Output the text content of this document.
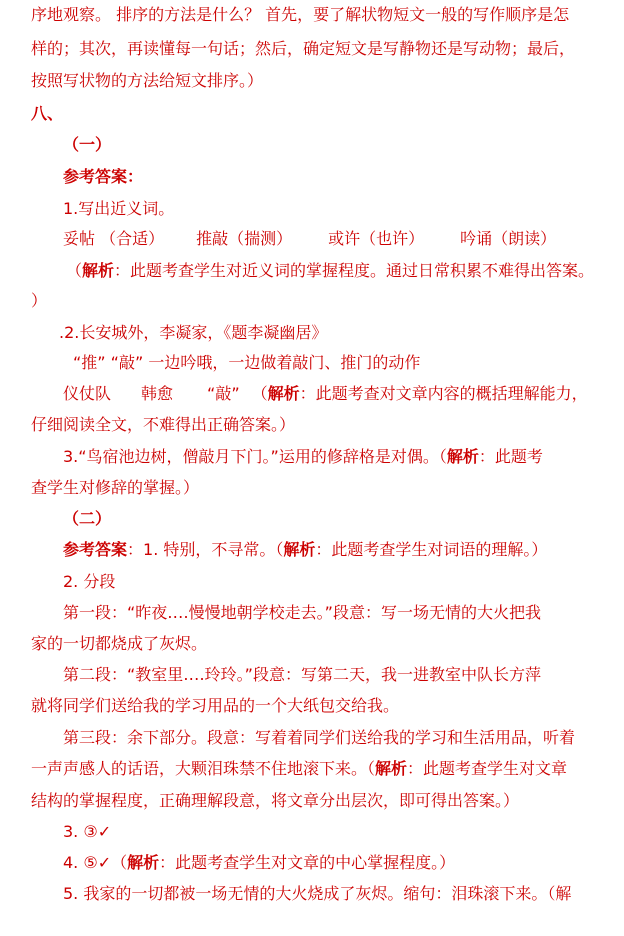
序地观察。 排序的方法是什么？ 首先，要了解状物短文一般的写作顺序是怎
样的；其次，再读懂每一句话；然后，确定短文是写静物还是写动物；最后，
按照写状物的方法给短文排序。）
八、
（一）
参考答案：
1.写出近义词。
妥帖 （合适） 推敲（揣测） 或许（也许） 吟诵（朗读）
（解析：此题考查学生对近义词的掌握程度。通过日常积累不难得出答案。
）
.2.长安城外，李凝家，《题李凝幽居》
“推” “敲” 一边吟哦，一边做着敲门、推门的动作
仪仗队 韩愈 “敲” （解析：此题考查对文章内容的概括理解能力，
仔细阅读全文，不难得出正确答案。）
3.“鸟宿池边树，僧敲月下门。”运用的修辞格是对偶。（解析：此题考
查学生对修辞的掌握。）
（二）
参考答案：1. 特别，不寻常。（解析：此题考查学生对词语的理解。）
2. 分段
第一段：“昨夜‥‥慢慢地朝学校走去。”段意：写一场无情的大火把我
家的一切都烧成了灰烬。
第二段：“教室里‥‥玲玲。”段意：写第二天，我一进教室中队长方萍
就将同学们送给我的学习用品的一个大纸包交给我。
第三段：余下部分。段意：写着着同学们送给我的学习和生活用品，听着
一声声感人的话语，大颗泪珠禁不住地滚下来。（解析：此题考查学生对文章
结构的掌握程度，正确理解段意，将文章分出层次，即可得出答案。）
3. ③✓
4. ⑤✓（解析：此题考查学生对文章的中心掌握程度。）
5. 我家的一切都被一场无情的大火烧成了灰烬。缩句：泪珠滚下来。（解
